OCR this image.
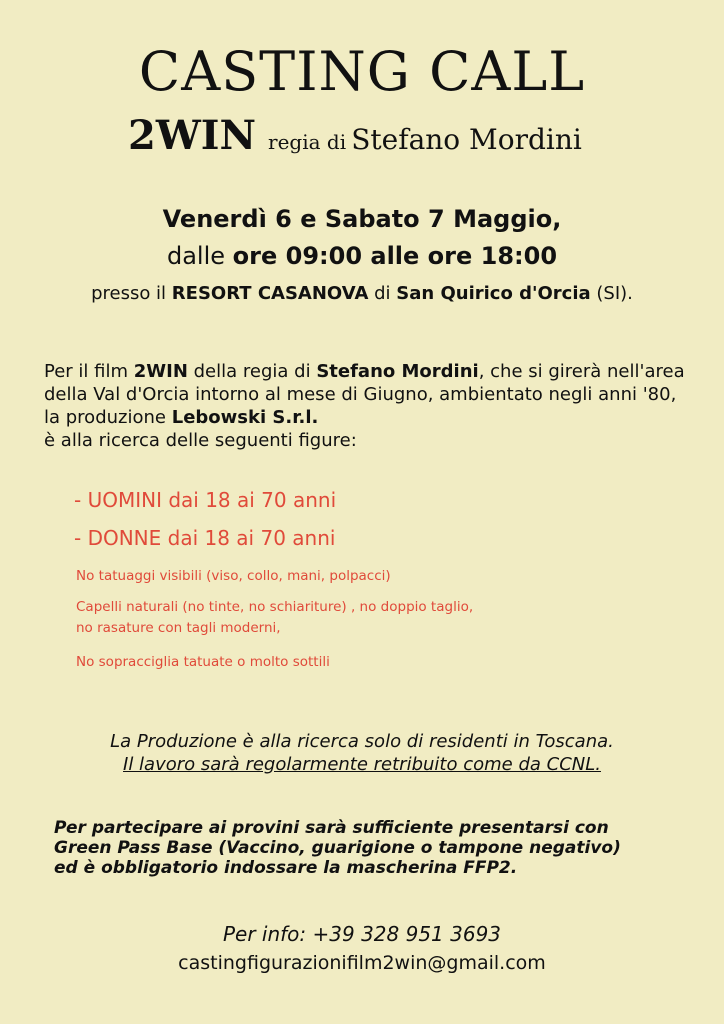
CASTING CALL
2WIN regia di Stefano Mordini
Venerdì 6 e Sabato 7 Maggio,
dalle ore 09:00 alle ore 18:00
presso il RESORT CASANOVA di San Quirico d'Orcia (SI).
Per il film 2WIN della regia di Stefano Mordini, che si girerà nell'area della Val d'Orcia intorno al mese di Giugno, ambientato negli anni '80, la produzione Lebowski S.r.l.
è alla ricerca delle seguenti figure:
- UOMINI dai 18 ai 70 anni
- DONNE dai 18 ai 70 anni
No tatuaggi visibili (viso, collo, mani, polpacci)
Capelli naturali (no tinte, no schiariture) , no doppio taglio,
no rasature con tagli moderni,
No sopracciglia tatuate o molto sottili
La Produzione è alla ricerca solo di residenti in Toscana.
Il lavoro sarà regolarmente retribuito come da CCNL.
Per partecipare ai provini sarà sufficiente presentarsi con
Green Pass Base (Vaccino, guarigione o tampone negativo)
ed è obbligatorio indossare la mascherina FFP2.
Per info: +39 328 951 3693
castingfigurazionifilm2win@gmail.com
